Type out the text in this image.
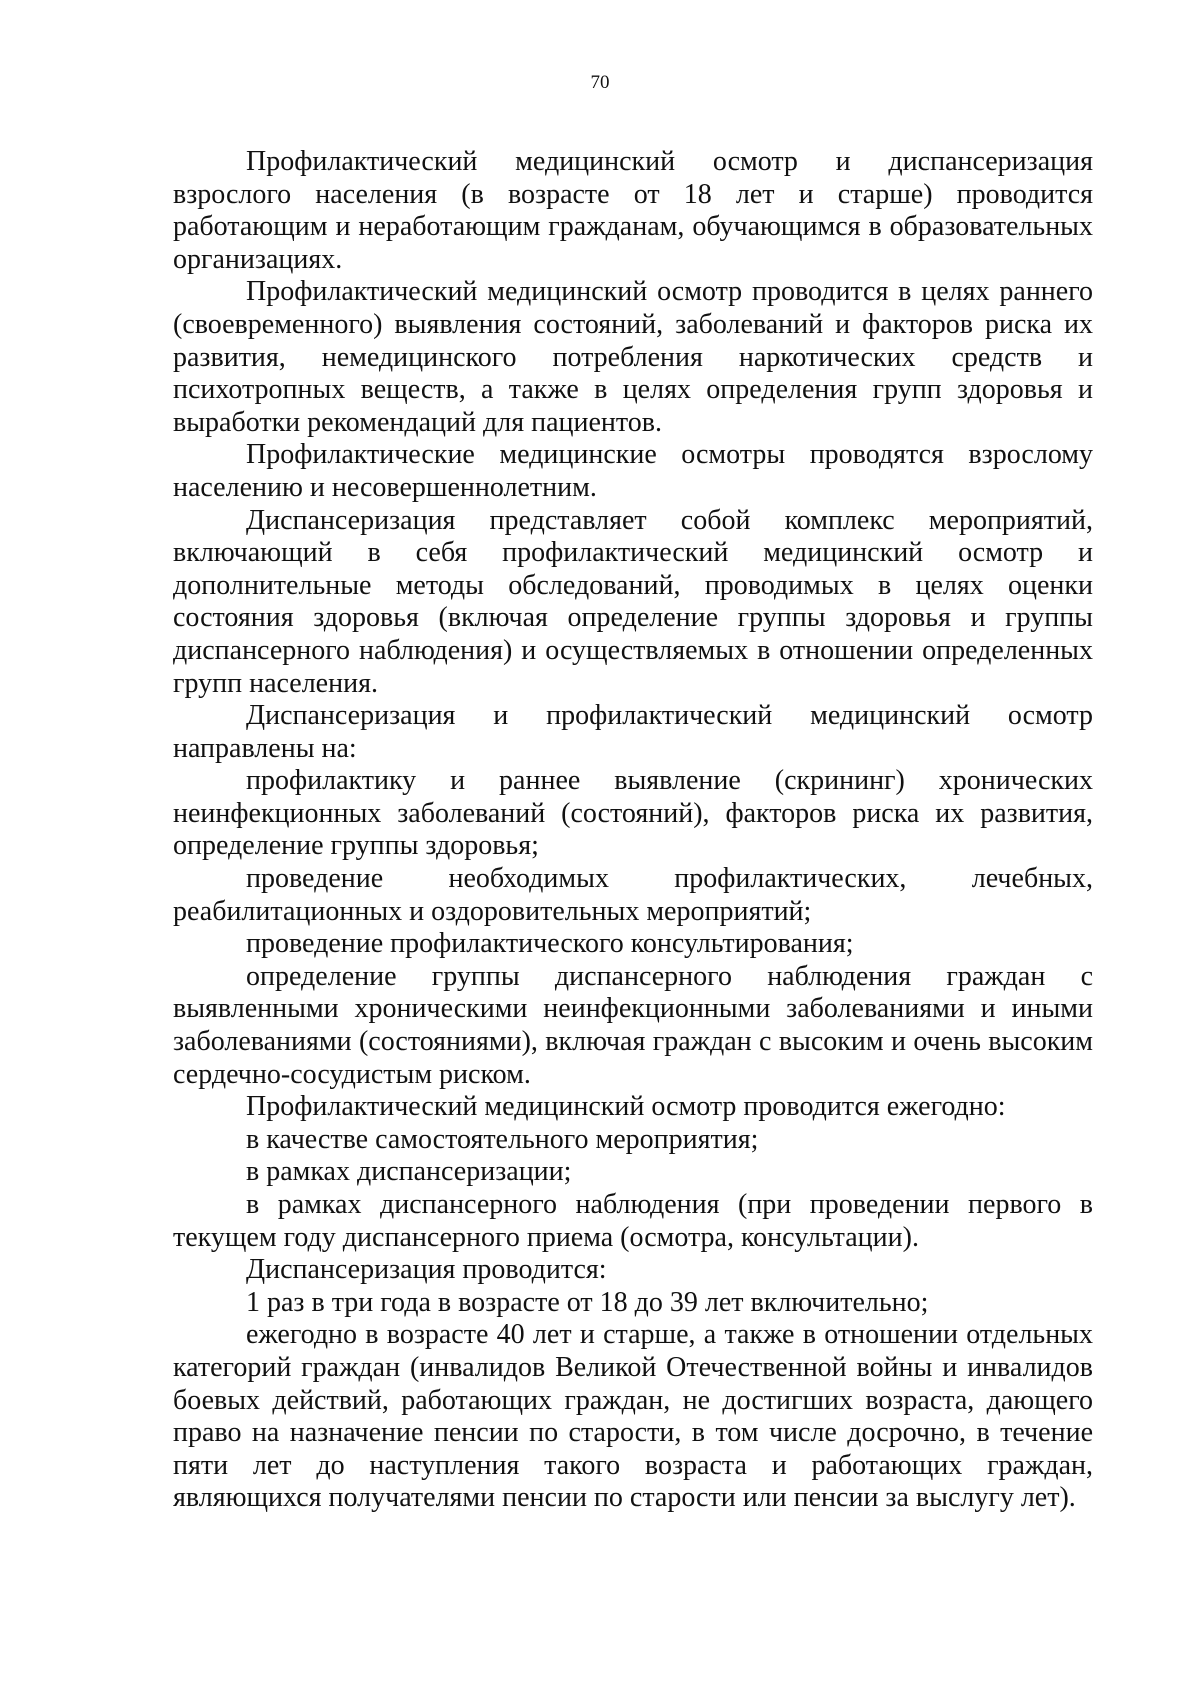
70

Профилактический медицинский осмотр и диспансеризация взрослого населения (в возрасте от 18 лет и старше) проводится работающим и неработающим гражданам, обучающимся в образовательных организациях.

Профилактический медицинский осмотр проводится в целях раннего (своевременного) выявления состояний, заболеваний и факторов риска их развития, немедицинского потребления наркотических средств и психотропных веществ, а также в целях определения групп здоровья и выработки рекомендаций для пациентов.

Профилактические медицинские осмотры проводятся взрослому населению и несовершеннолетним.

Диспансеризация представляет собой комплекс мероприятий, включающий в себя профилактический медицинский осмотр и дополнительные методы обследований, проводимых в целях оценки состояния здоровья (включая определение группы здоровья и группы диспансерного наблюдения) и осуществляемых в отношении определенных групп населения.

Диспансеризация и профилактический медицинский осмотр направлены на:

профилактику и раннее выявление (скрининг) хронических неинфекционных заболеваний (состояний), факторов риска их развития, определение группы здоровья;

проведение необходимых профилактических, лечебных, реабилитационных и оздоровительных мероприятий;

проведение профилактического консультирования;

определение группы диспансерного наблюдения граждан с выявленными хроническими неинфекционными заболеваниями и иными заболеваниями (состояниями), включая граждан с высоким и очень высоким сердечно-сосудистым риском.

Профилактический медицинский осмотр проводится ежегодно:

в качестве самостоятельного мероприятия;

в рамках диспансеризации;

в рамках диспансерного наблюдения (при проведении первого в текущем году диспансерного приема (осмотра, консультации).

Диспансеризация проводится:

1 раз в три года в возрасте от 18 до 39 лет включительно;

ежегодно в возрасте 40 лет и старше, а также в отношении отдельных категорий граждан (инвалидов Великой Отечественной войны и инвалидов боевых действий, работающих граждан, не достигших возраста, дающего право на назначение пенсии по старости, в том числе досрочно, в течение пяти лет до наступления такого возраста и работающих граждан, являющихся получателями пенсии по старости или пенсии за выслугу лет).
